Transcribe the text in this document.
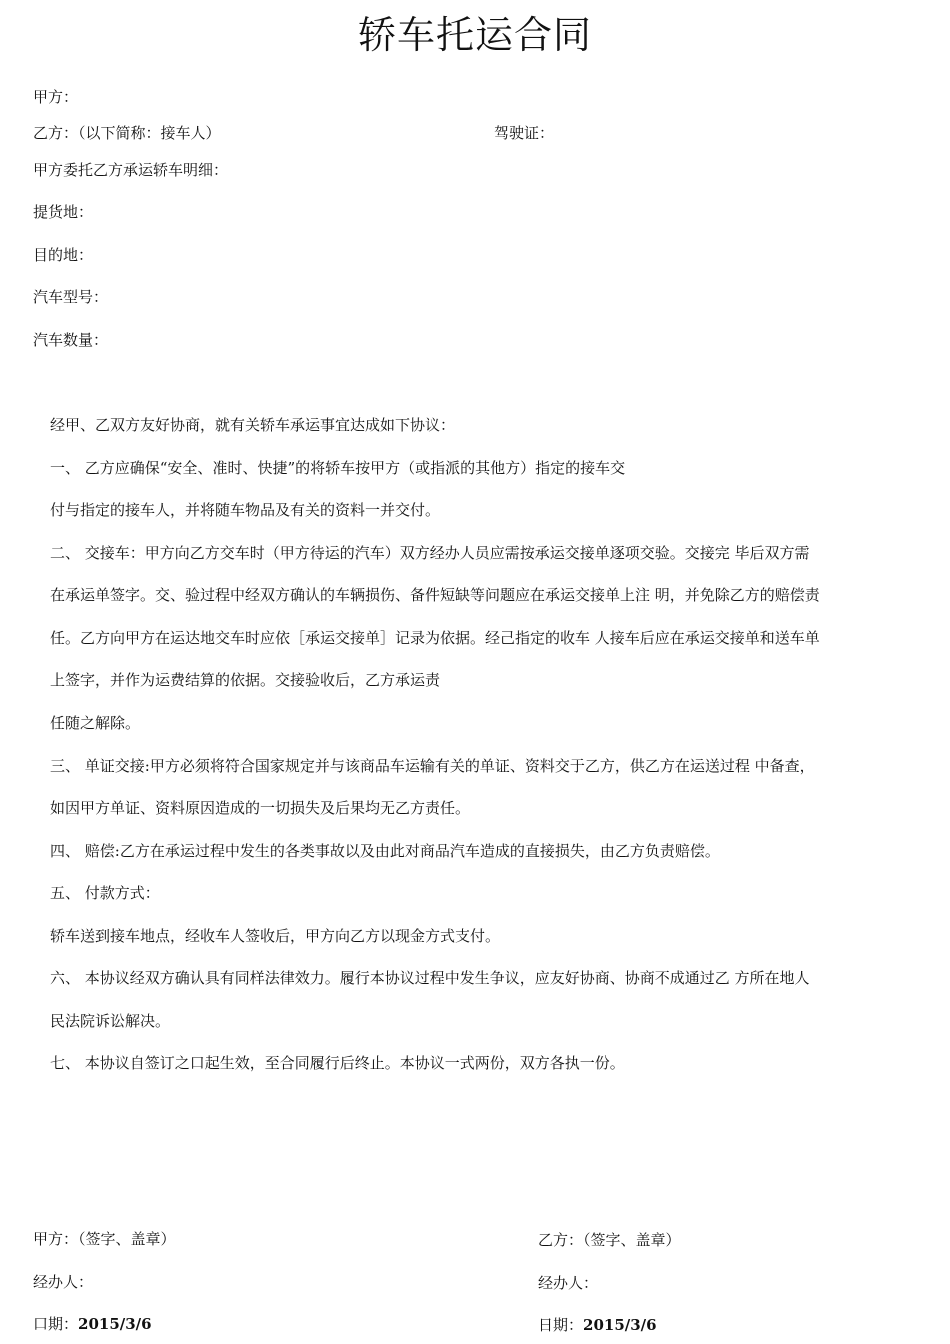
轿车托运合同
甲方：
乙方：（以下简称：接车人）	驾驶证：
甲方委托乙方承运轿车明细：
提货地：
目的地：
汽车型号：
汽车数量：
经甲、乙双方友好协商，就有关轿车承运事宜达成如下协议：
一、 乙方应确保“安全、准时、快捷”的将轿车按甲方（或指派的其他方）指定的接车交
付与指定的接车人，并将随车物品及有关的资料一并交付。
二、 交接车：甲方向乙方交车时（甲方待运的汽车）双方经办人员应需按承运交接单逐项交验。交接完 毕后双方需
在承运单签字。交、验过程中经双方确认的车辆损伤、备件短缺等问题应在承运交接单上注 明，并免除乙方的赔偿责
任。乙方向甲方在运达地交车时应依［承运交接单］记录为依据。经己指定的收车 人接车后应在承运交接单和送车单
上签字，并作为运费结算的依据。交接验收后，乙方承运责
任随之解除。
三、 单证交接:甲方必须将符合国家规定并与该商品车运输有关的单证、资料交于乙方，供乙方在运送过程 中备查，
如因甲方单证、资料原因造成的一切损失及后果均无乙方责任。
四、 赔偿:乙方在承运过程中发生的各类事故以及由此对商品汽车造成的直接损失，由乙方负责赔偿。
五、 付款方式：
轿车送到接车地点，经收车人签收后，甲方向乙方以现金方式支付。
六、 本协议经双方确认具有同样法律效力。履行本协议过程中发生争议，应友好协商、协商不成通过乙 方所在地人
民法院诉讼解决。
七、 本协议自签订之口起生效，至合同履行后终止。本协议一式两份，双方各执一份。
甲方：（签字、盖章）	乙方：（签字、盖章）
经办人：	经办人：
口期：2015/3/6	日期：2015/3/6
